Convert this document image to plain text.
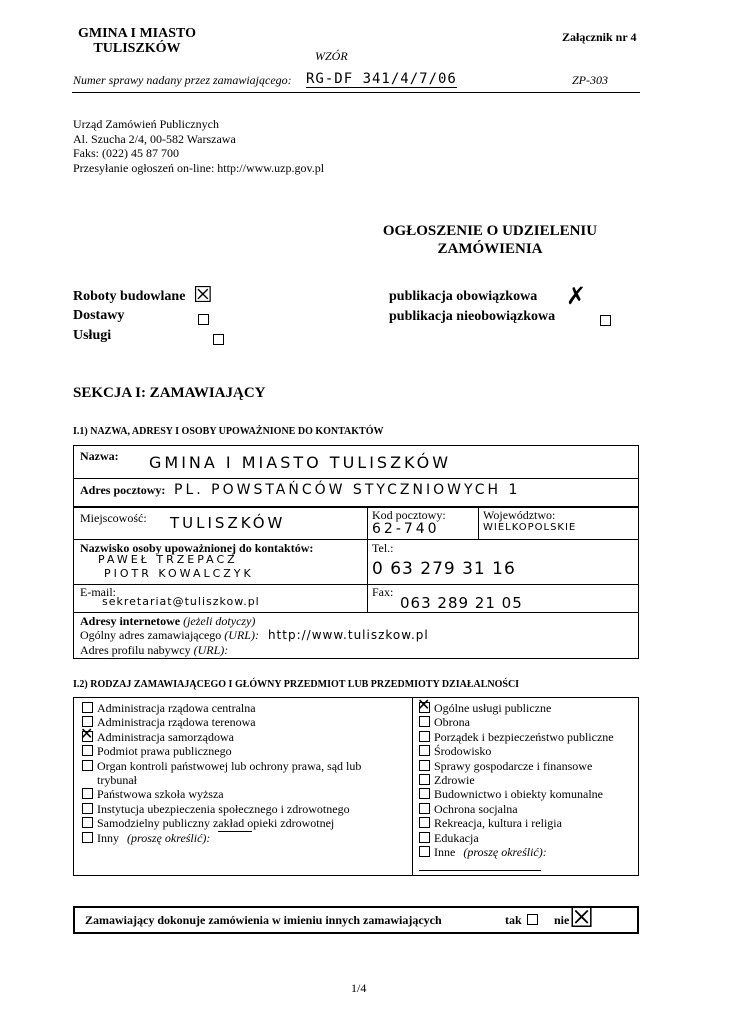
GMINA I MIASTO
TULISZKÓW	WZÓR
Załącznik nr 4
Numer sprawy nadany przez zamawiającego: RG-DF 341/4/7/06	ZP-303
Urząd Zamówień Publicznych
Al. Szucha 2/4, 00-582 Warszawa
Faks: (022) 45 87 700
Przesyłanie ogłoszeń on-line: http://www.uzp.gov.pl
OGŁOSZENIE O UDZIELENIU
ZAMÓWIENIA
Roboty budowlane ☒
Dostawy

Usługi

publikacja obowiązkowa ✗
publikacja nieobowiązkowa
SEKCJA I: ZAMAWIAJĄCY
I.1) NAZWA, ADRESY I OSOBY UPOWAŻNIONE DO KONTAKTÓW
Nazwa: GMINA I MIASTO TULISZKÓW
Adres pocztowy: PL. POWSTAŃCÓW STYCZNIOWYCH 1
Miejscowość: TULISZKÓW	Kod pocztowy:
62-740
Województwo:
WIELKOPOLSKIE
Nazwisko osoby upoważnionej do kontaktów:
PAWEŁ TRZEPACZ
PIOTR KOWALCZYK
Tel.:
0 63 279 31 16
E-mail:
sekretariat@tuliszkow.pl
Fax:
063 289 21 05
Adresy internetowe (jeżeli dotyczy)
Ogólny adres zamawiającego (URL): http://www.tuliszkow.pl
Adres profilu nabywcy (URL):
I.2) RODZAJ ZAMAWIAJĄCEGO I GŁÓWNY PRZEDMIOT LUB PRZEDMIOTY DZIAŁALNOŚCI
Administracja rządowa centralna
Administracja rządowa terenowa
✕
Administracja samorządowa
Podmiot prawa publicznego
Organ kontroli państwowej lub ochrony prawa, sąd lub
trybunał
Państwowa szkoła wyższa
Instytucja ubezpieczenia społecznego i zdrowotnego
Samodzielny publiczny zakład opieki zdrowotnej
Inny (proszę określić):
✕
Ogólne usługi publiczne
Obrona
Porządek i bezpieczeństwo publiczne
Środowisko
Sprawy gospodarcze i finansowe
Zdrowie
Budownictwo i obiekty komunalne
Ochrona socjalna
Rekreacja, kultura i religia
Edukacja
Inne (proszę określić):
Zamawiający dokonuje zamówienia w imieniu innych zamawiających	tak	nie ☒
1/4
